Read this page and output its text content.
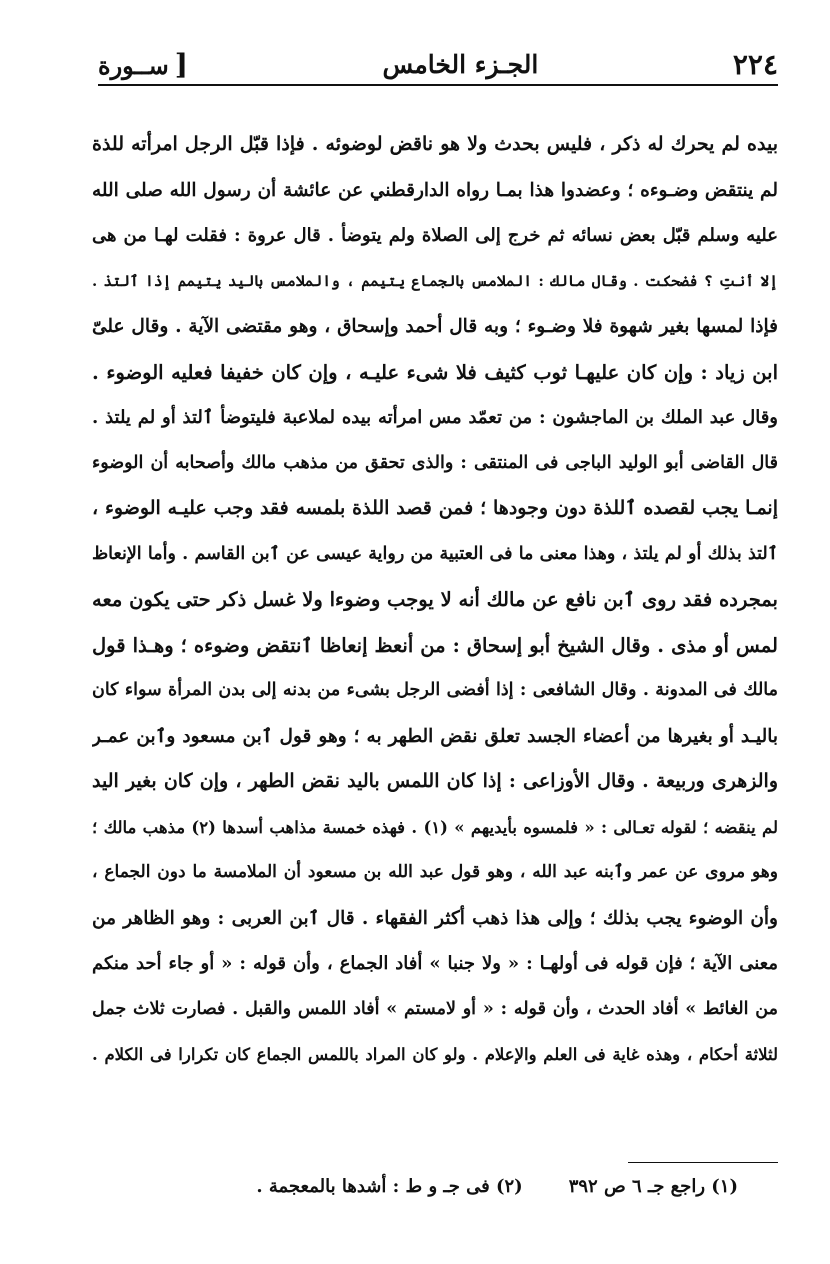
٢٢٤
الجـزء الخامس
[ســورة
بيده لم يحرك له ذكر ، فليس بحدث ولا هو ناقض لوضوئه . فإذا قبّل الرجل امرأته للذة
لم ينتقض وضـوءه ؛ وعضدوا هذا بمـا رواه الدارقطني عن عائشة أن رسول الله صلى الله
عليه وسلم قبّل بعض نسائه ثم خرج إلى الصلاة ولم يتوضأ . قال عروة : فقلت لهـا من هى
إلا أنتِ ؟ فضحكت . وقال مالك : الملامس بالجماع يتيمم ، والملامس باليد يتيمم إذا ٱلتذ .
فإذا لمسها بغير شهوة فلا وضـوء ؛ وبه قال أحمد وإسحاق ، وهو مقتضى الآية . وقال علىّ
ابن زياد : وإن كان عليهـا ثوب كثيف فلا شىء عليـه ، وإن كان خفيفا فعليه الوضوء .
وقال عبد الملك بن الماجشون : من تعمّد مس امرأته بيده لملاعبة فليتوضأ ٱلتذ أو لم يلتذ .
قال القاضى أبو الوليد الباجى فى المنتقى : والذى تحقق من مذهب مالك وأصحابه أن الوضوء
إنمـا يجب لقصده ٱللذة دون وجودها ؛ فمن قصد اللذة بلمسه فقد وجب عليـه الوضوء ،
ٱلتذ بذلك أو لم يلتذ ، وهذا معنى ما فى العتبية من رواية عيسى عن ٱبن القاسم . وأما الإنعاظ
بمجرده فقد روى ٱبن نافع عن مالك أنه لا يوجب وضوءا ولا غسل ذكر حتى يكون معه
لمس أو مذى . وقال الشيخ أبو إسحاق : من أنعظ إنعاظا ٱنتقض وضوءه ؛ وهـذا قول
مالك فى المدونة . وقال الشافعى : إذا أفضى الرجل بشىء من بدنه إلى بدن المرأة سواء كان
باليـد أو بغيرها من أعضاء الجسد تعلق نقض الطهر به ؛ وهو قول ٱبن مسعود وٱبن عمـر
والزهرى وربيعة . وقال الأوزاعى : إذا كان اللمس باليد نقض الطهر ، وإن كان بغير اليد
لم ينقضه ؛ لقوله تعـالى : « فلمسوه بأيديهم » (١) . فهذه خمسة مذاهب أسدها (٢) مذهب مالك ؛
وهو مروى عن عمر وٱبنه عبد الله ، وهو قول عبد الله بن مسعود أن الملامسة ما دون الجماع ،
وأن الوضوء يجب بذلك ؛ وإلى هذا ذهب أكثر الفقهاء . قال ٱبن العربى : وهو الظاهر من
معنى الآية ؛ فإن قوله فى أولهـا : « ولا جنبا » أفاد الجماع ، وأن قوله : « أو جاء أحد منكم
من الغائط » أفاد الحدث ، وأن قوله : « أو لامستم » أفاد اللمس والقبل . فصارت ثلاث جمل
لثلاثة أحكام ، وهذه غاية فى العلم والإعلام . ولو كان المراد باللمس الجماع كان تكرارا فى الكلام .
(١) راجع جـ ٦ ص ٣٩٢
(٢) فى جـ و ط : أشدها بالمعجمة .
